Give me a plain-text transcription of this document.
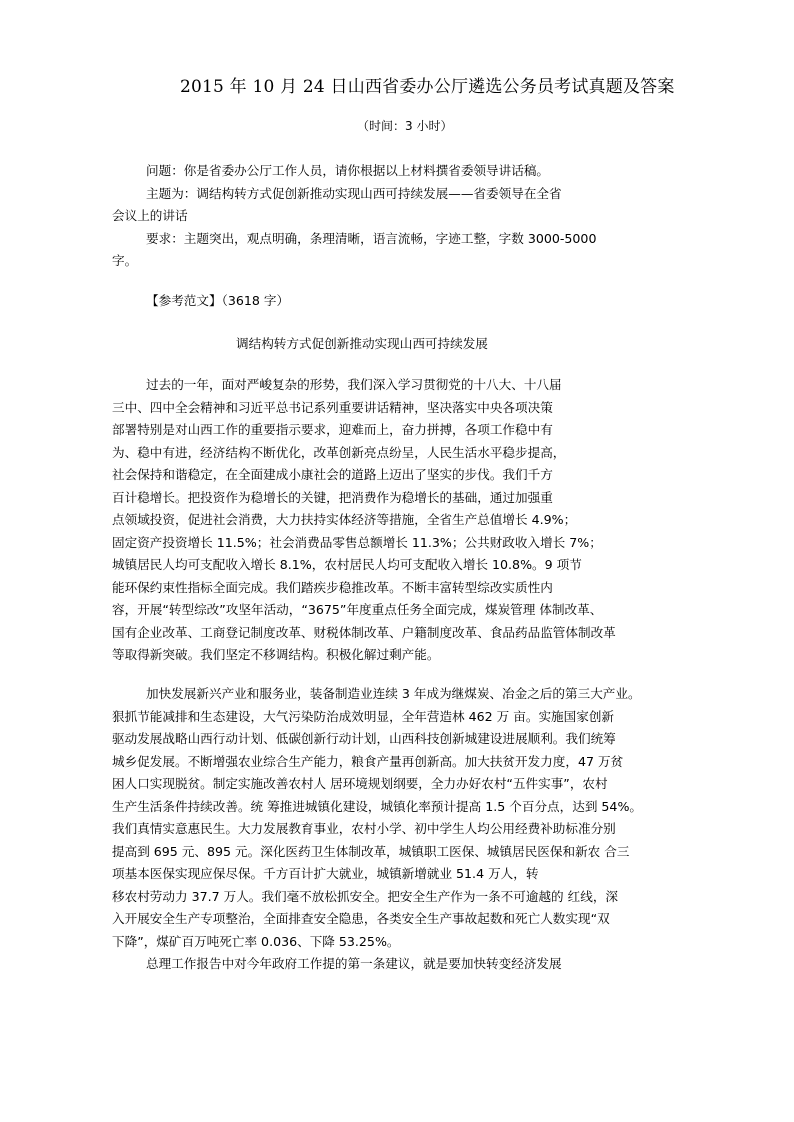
2015 年 10 月 24 日山西省委办公厅遴选公务员考试真题及答案
（时间：3 小时）
问题：你是省委办公厅工作人员，请你根据以上材料撰省委领导讲话稿。
主题为：调结构转方式促创新推动实现山西可持续发展——省委领导在全省
会议上的讲话
要求：主题突出，观点明确，条理清晰，语言流畅，字迹工整，字数 3000-5000
字。
【参考范文】（3618 字）
调结构转方式促创新推动实现山西可持续发展
过去的一年，面对严峻复杂的形势，我们深入学习贯彻党的十八大、十八届
三中、四中全会精神和习近平总书记系列重要讲话精神，坚决落实中央各项决策
部署特别是对山西工作的重要指示要求，迎难而上，奋力拼搏，各项工作稳中有
为、稳中有进，经济结构不断优化，改革创新亮点纷呈，人民生活水平稳步提高，
社会保持和谐稳定，在全面建成小康社会的道路上迈出了坚实的步伐。我们千方
百计稳增长。把投资作为稳增长的关键，把消费作为稳增长的基础，通过加强重
点领域投资，促进社会消费，大力扶持实体经济等措施，全省生产总值增长 4.9%；
固定资产投资增长 11.5%；社会消费品零售总额增长 11.3%；公共财政收入增长 7%；
城镇居民人均可支配收入增长 8.1%，农村居民人均可支配收入增长 10.8%。9 项节
能环保约束性指标全面完成。我们踏疾步稳推改革。不断丰富转型综改实质性内
容，开展“转型综改”攻坚年活动，“3675”年度重点任务全面完成，煤炭管理 体制改革、
国有企业改革、工商登记制度改革、财税体制改革、户籍制度改革、食品药品监管体制改革
等取得新突破。我们坚定不移调结构。积极化解过剩产能。
加快发展新兴产业和服务业，装备制造业连续 3 年成为继煤炭、冶金之后的第三大产业。
狠抓节能减排和生态建设，大气污染防治成效明显，全年营造林 462 万 亩。实施国家创新
驱动发展战略山西行动计划、低碳创新行动计划，山西科技创新城建设进展顺利。我们统筹
城乡促发展。不断增强农业综合生产能力，粮食产量再创新高。加大扶贫开发力度，47 万贫
困人口实现脱贫。制定实施改善农村人 居环境规划纲要，全力办好农村“五件实事”，农村
生产生活条件持续改善。统 筹推进城镇化建设，城镇化率预计提高 1.5 个百分点，达到 54%。
我们真情实意惠民生。大力发展教育事业，农村小学、初中学生人均公用经费补助标准分别
提高到 695 元、895 元。深化医药卫生体制改革，城镇职工医保、城镇居民医保和新农 合三
项基本医保实现应保尽保。千方百计扩大就业，城镇新增就业 51.4 万人，转
移农村劳动力 37.7 万人。我们毫不放松抓安全。把安全生产作为一条不可逾越的 红线，深
入开展安全生产专项整治，全面排查安全隐患，各类安全生产事故起数和死亡人数实现“双
下降”，煤矿百万吨死亡率 0.036、下降 53.25%。
总理工作报告中对今年政府工作提的第一条建议，就是要加快转变经济发展
